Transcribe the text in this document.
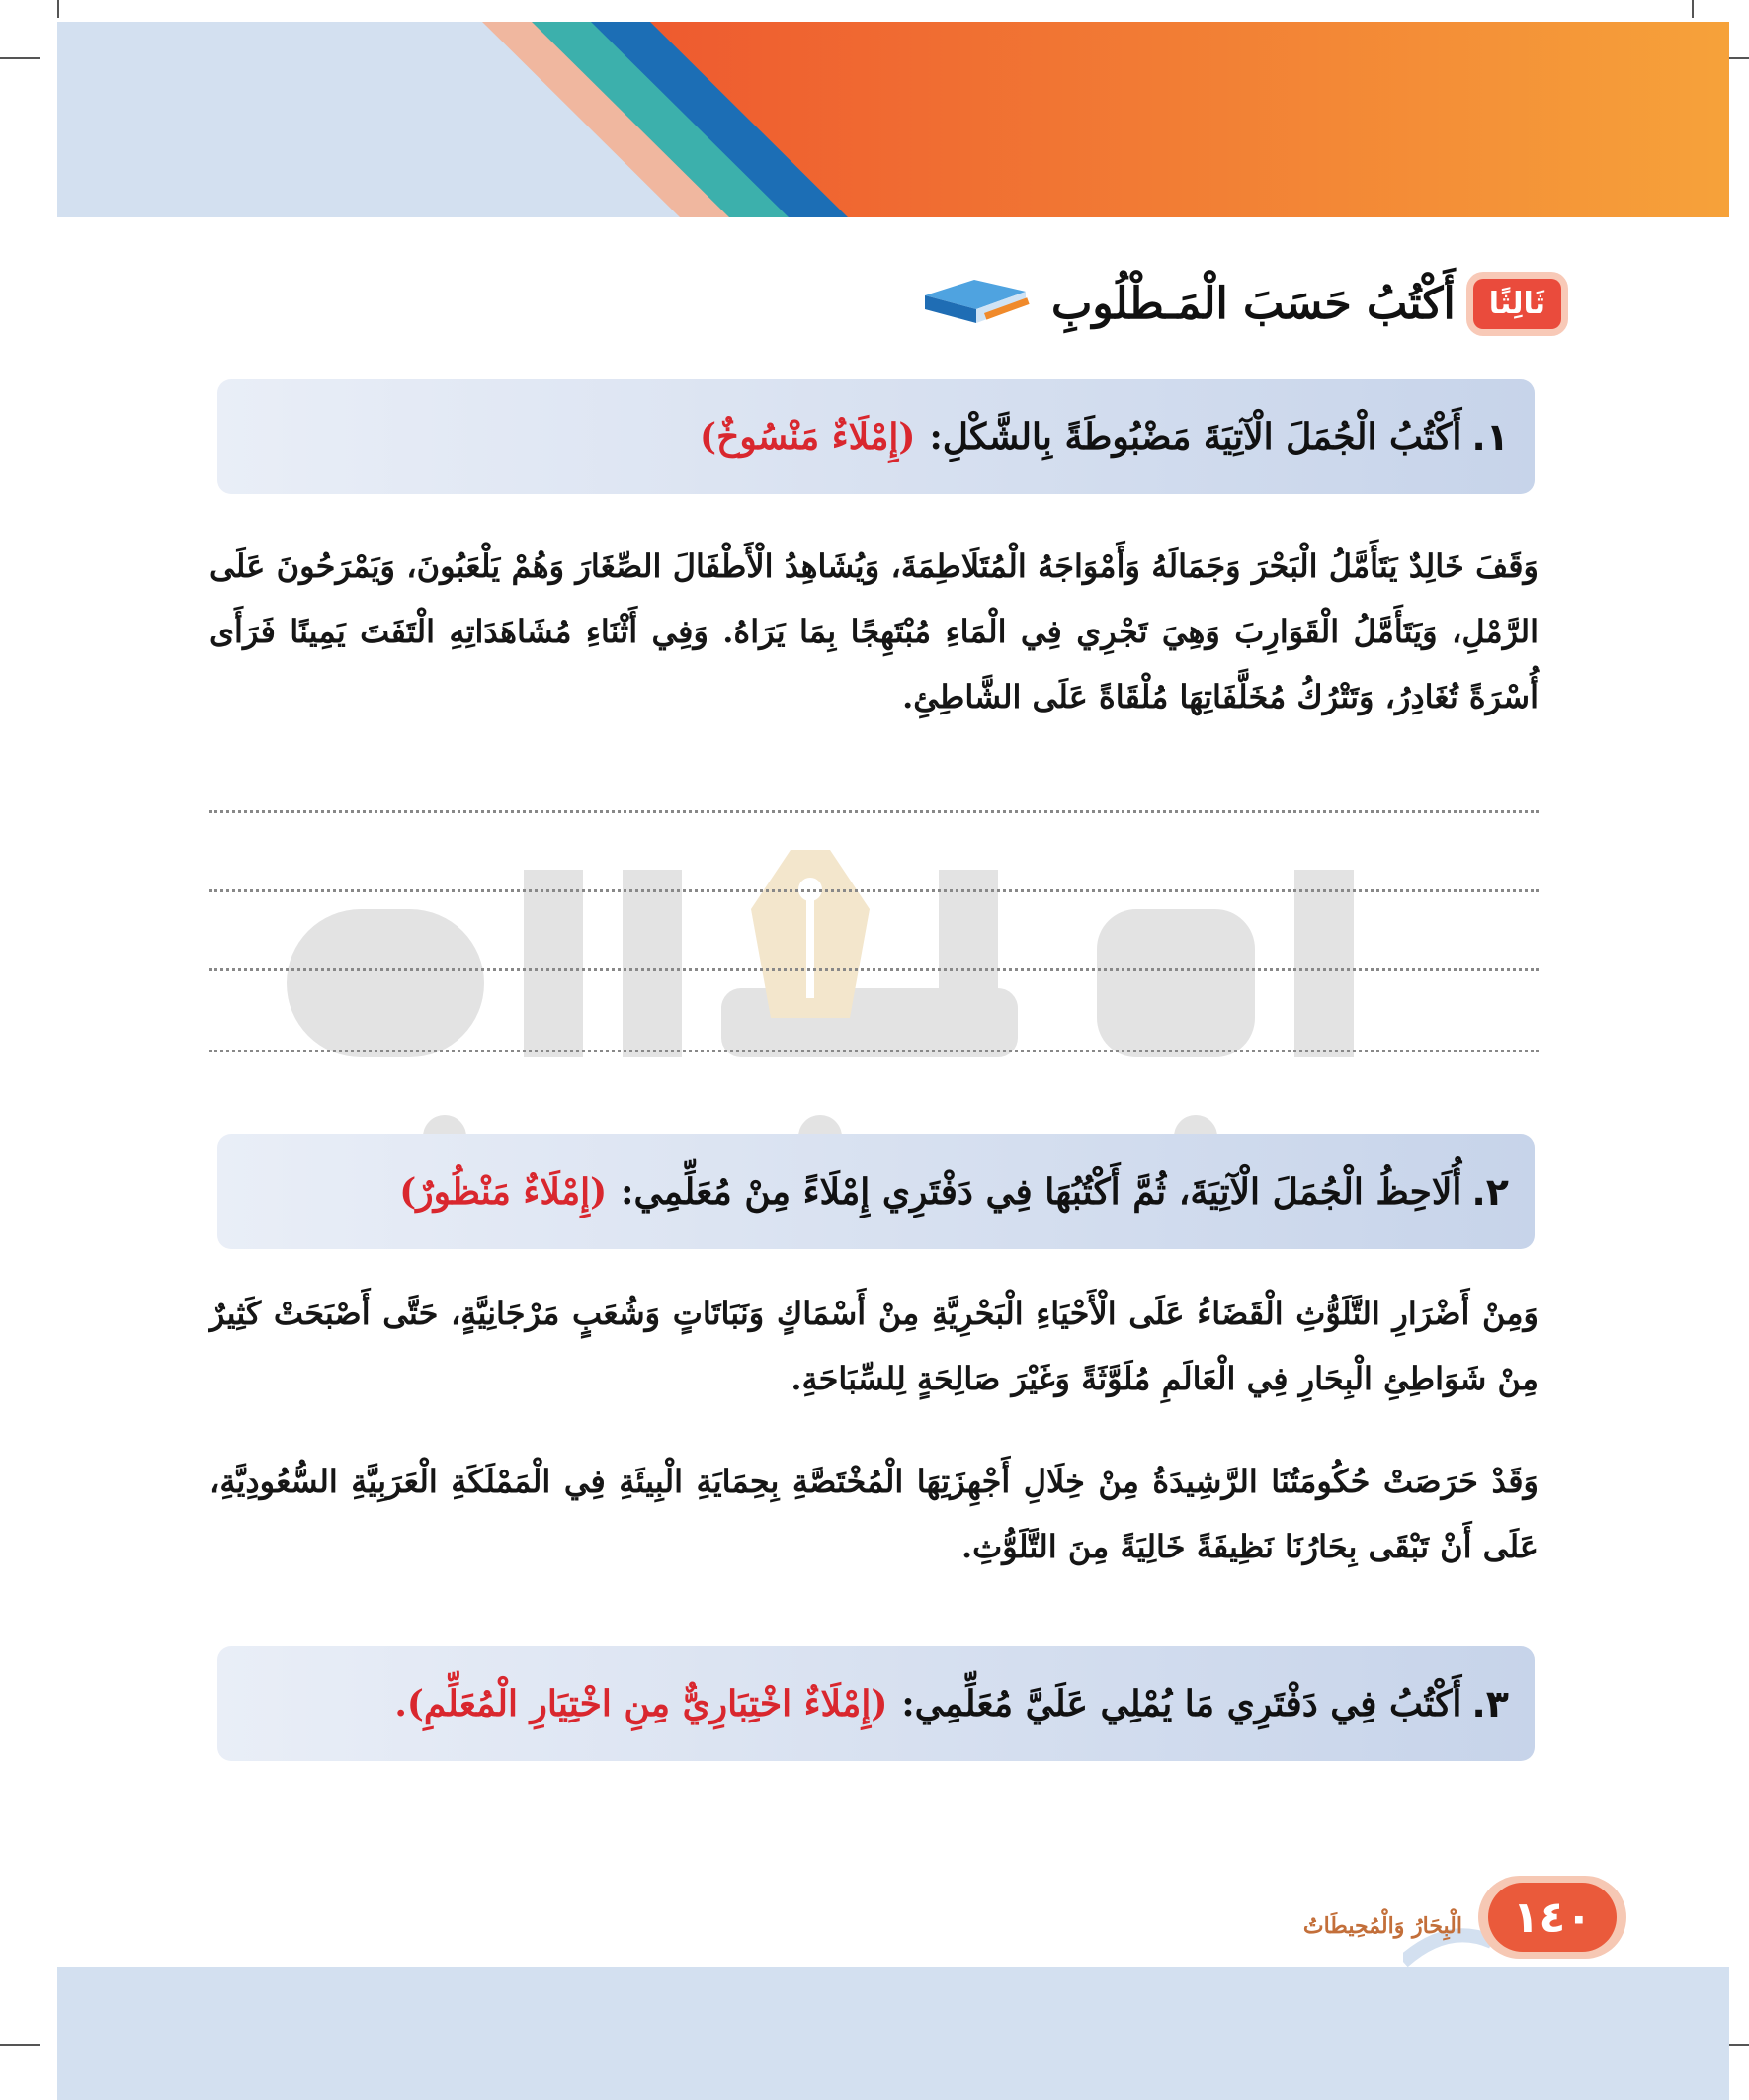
ثَالِثًا
أَكْتُبُ حَسَبَ الْمَـطْلُوبِ
١.
أَكْتُبُ الْجُمَلَ الْآتِيَةَ مَضْبُوطَةً بِالشَّكْلِ:
(إِمْلَاءٌ مَنْسُوخٌ)
وَقَفَ خَالِدٌ يَتَأَمَّلُ الْبَحْرَ وَجَمَالَهُ وَأَمْوَاجَهُ الْمُتَلَاطِمَةَ، وَيُشَاهِدُ الْأَطْفَالَ الصِّغَارَ وَهُمْ يَلْعَبُونَ، وَيَمْرَحُونَ عَلَى الرَّمْلِ، وَيَتَأَمَّلُ الْقَوَارِبَ وَهِيَ تَجْرِي فِي الْمَاءِ مُبْتَهِجًا بِمَا يَرَاهُ. وَفِي أَثْنَاءِ مُشَاهَدَاتِهِ الْتَفَتَ يَمِينًا فَرَأَى أُسْرَةً تُغَادِرُ، وَتَتْرُكُ مُخَلَّفَاتِهَا مُلْقَاةً عَلَى الشَّاطِئِ.
٢.
أُلَاحِظُ الْجُمَلَ الْآتِيَةَ، ثُمَّ أَكْتُبُهَا فِي دَفْتَرِي إِمْلَاءً مِنْ مُعَلِّمِي:
(إِمْلَاءٌ مَنْظُورٌ)
وَمِنْ أَضْرَارِ التَّلَوُّثِ الْقَضَاءُ عَلَى الْأَحْيَاءِ الْبَحْرِيَّةِ مِنْ أَسْمَاكٍ وَنَبَاتَاتٍ وَشُعَبٍ مَرْجَانِيَّةٍ، حَتَّى أَصْبَحَتْ كَثِيرٌ مِنْ شَوَاطِئِ الْبِحَارِ فِي الْعَالَمِ مُلَوَّثَةً وَغَيْرَ صَالِحَةٍ لِلسِّبَاحَةِ.
وَقَدْ حَرَصَتْ حُكُومَتُنَا الرَّشِيدَةُ مِنْ خِلَالِ أَجْهِزَتِهَا الْمُخْتَصَّةِ بِحِمَايَةِ الْبِيئَةِ فِي الْمَمْلَكَةِ الْعَرَبِيَّةِ السُّعُودِيَّةِ، عَلَى أَنْ تَبْقَى بِحَارُنَا نَظِيفَةً خَالِيَةً مِنَ التَّلَوُّثِ.
٣.
أَكْتُبُ فِي دَفْتَرِي مَا يُمْلِي عَلَيَّ مُعَلِّمِي:
(إِمْلَاءٌ اخْتِبَارِيٌّ مِنِ اخْتِيَارِ الْمُعَلِّمِ).
الْبِحَارُ وَالْمُحِيطَاتُ	١٤٠
